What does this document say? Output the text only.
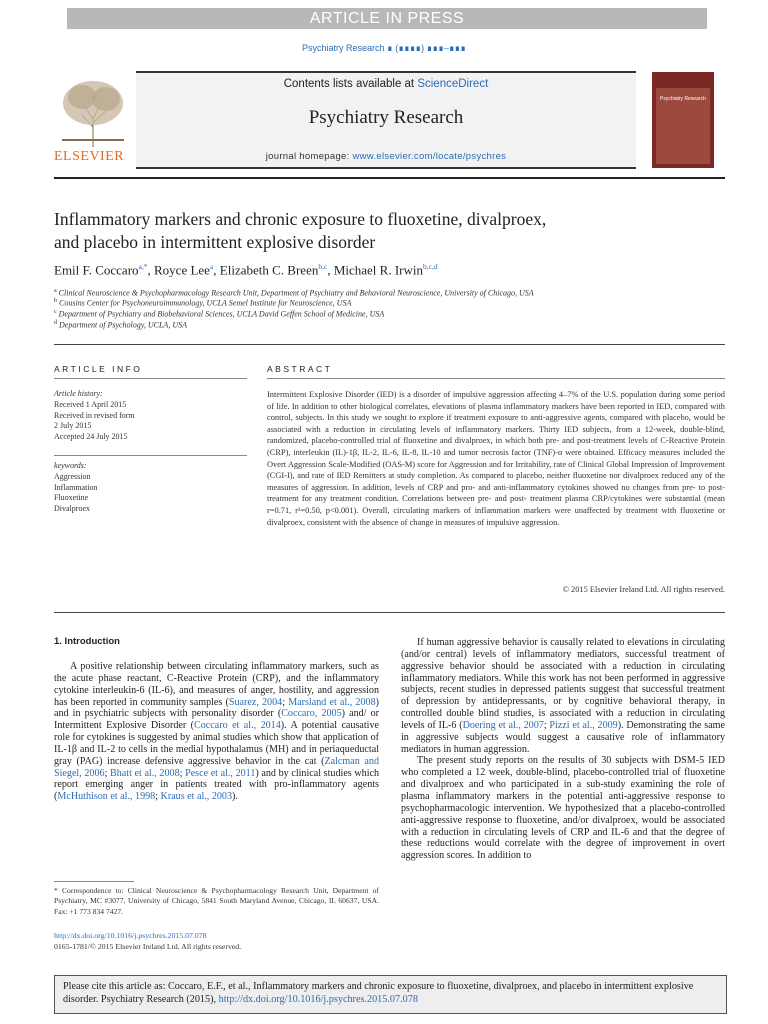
ARTICLE IN PRESS
Psychiatry Research ∎ (∎∎∎∎) ∎∎∎–∎∎∎
ELSEVIER
Contents lists available at ScienceDirect
Psychiatry Research
journal homepage: www.elsevier.com/locate/psychres
Psychiatry Research
Inflammatory markers and chronic exposure to fluoxetine, divalproex,
and placebo in intermittent explosive disorder
Emil F. Coccaro$^{a,*}$, Royce Lee$^a$, Elizabeth C. Breen$^{b,c}$, Michael R. Irwin$^{b,c,d}$
$^a$ Clinical Neuroscience & Psychopharmacology Research Unit, Department of Psychiatry and Behavioral Neuroscience, University of Chicago, USA
$^b$ Cousins Center for Psychoneuroimmunology, UCLA Semel Institute for Neuroscience, USA
$^c$ Department of Psychiatry and Biobehavioral Sciences, UCLA David Geffen School of Medicine, USA
$^d$ Department of Psychology, UCLA, USA
ARTICLE INFO
Article history:
Received 1 April 2015
Received in revised form
2 July 2015
Accepted 24 July 2015
keywords:
Aggression
Inflammation
Fluoxetine
Divalproex
ABSTRACT
Intermittent Explosive Disorder (IED) is a disorder of impulsive aggression affecting 4–7% of the U.S. population during some period of life. In addition to other biological correlates, elevations of plasma inflammatory markers have been reported in IED, compared with control, subjects. In this study we sought to explore if treatment exposure to anti-aggressive agents, compared with placebo, would be associated with a reduction in circulating levels of inflammatory markers. Thirty IED subjects, from a 12-week, double-blind, randomized, placebo-controlled trial of fluoxetine and divalproex, in which both pre- and post-treatment levels of C-Reactive Protein (CRP), interleukin (IL)-1β, IL-2, IL-6, IL-8, IL-10 and tumor necrosis factor (TNF)-α were obtained. Efficacy measures included the Overt Aggression Scale-Modified (OAS-M) score for Aggression and for Irritability, rate of Clinical Global Impression of Improvement (CGI-I), and rate of IED Remitters at study completion. As compared to placebo, neither fluoxetine nor divalproex reduced any of the measures of aggression. In addition, levels of CRP and pro- and anti-inflammatory cytokines showed no changes from pre- to post-treatment for any treatment condition. Correlations between pre- and post- treatment plasma CRP/cytokines were substantial (mean r=0.71, r²=0.50, p<0.001). Overall, circulating markers of inflammation markers were unaffected by treatment with fluoxetine or divalproex, consistent with the absence of change in measures of impulsive aggression.
© 2015 Elsevier Ireland Ltd. All rights reserved.
1. Introduction

A positive relationship between circulating inflammatory markers, such as the acute phase reactant, C-Reactive Protein (CRP), and the inflammatory cytokine interleukin-6 (IL-6), and measures of anger, hostility, and aggression has been reported in community samples (Suarez, 2004; Marsland et al., 2008) and in psychiatric subjects with personality disorder (Coccaro, 2005) and/ or Intermittent Explosive Disorder (Coccaro et al., 2014). A potential causative role for cytokines is suggested by animal studies which show that application of IL-1β and IL-2 to cells in the medial hypothalamus (MH) and in periaqueductal gray (PAG) increase defensive aggressive behavior in the cat (Zalcman and Siegel, 2006; Bhatt et al., 2008; Pesce et al., 2011) and by clinical studies which report emerging anger in patients treated with pro-inflammatory agents (McHuthison et al., 1998; Kraus et al., 2003).

If human aggressive behavior is causally related to elevations in circulating (and/or central) levels of inflammatory mediators, successful treatment of aggressive behavior should be associated with a reduction in circulating inflammatory mediators. While this work has not been performed in aggressive subjects, recent studies in depressed patients suggest that successful treatment of depression by antidepressants, or by cognitive behavioral therapy, in controlled double blind studies, is associated with a reduction in circulating levels of IL-6 (Doering et al., 2007; Pizzi et al., 2009). Demonstrating the same in aggressive subjects would suggest a causative role of inflammatory mediators in human aggression.

The present study reports on the results of 30 subjects with DSM-5 IED who completed a 12 week, double-blind, placebo-controlled trial of fluoxetine and divalproex and who participated in a sub-study examining the role of plasma inflammatory markers in the potential anti-aggressive response to psychopharmacologic intervention. We hypothesized that a placebo-controlled anti-aggressive response to fluoxetine, and/or divalproex, would be associated with a reduction in circulating levels of CRP and IL-6 and that the degree of these reductions would correlate with the degree of improvement in overt aggression scores. In addition to

* Correspondence to: Clinical Neuroscience & Psychopharmacology Research Unit, Department of Psychiatry, MC #3077, University of Chicago, 5841 South Maryland Avenue, Chicago, IL 60637, USA. Fax: +1 773 834 7427.
http://dx.doi.org/10.1016/j.psychres.2015.07.078
0165-1781/© 2015 Elsevier Ireland Ltd. All rights reserved.
Please cite this article as: Coccaro, E.F., et al., Inflammatory markers and chronic exposure to fluoxetine, divalproex, and placebo in intermittent explosive disorder. Psychiatry Research (2015), http://dx.doi.org/10.1016/j.psychres.2015.07.078
